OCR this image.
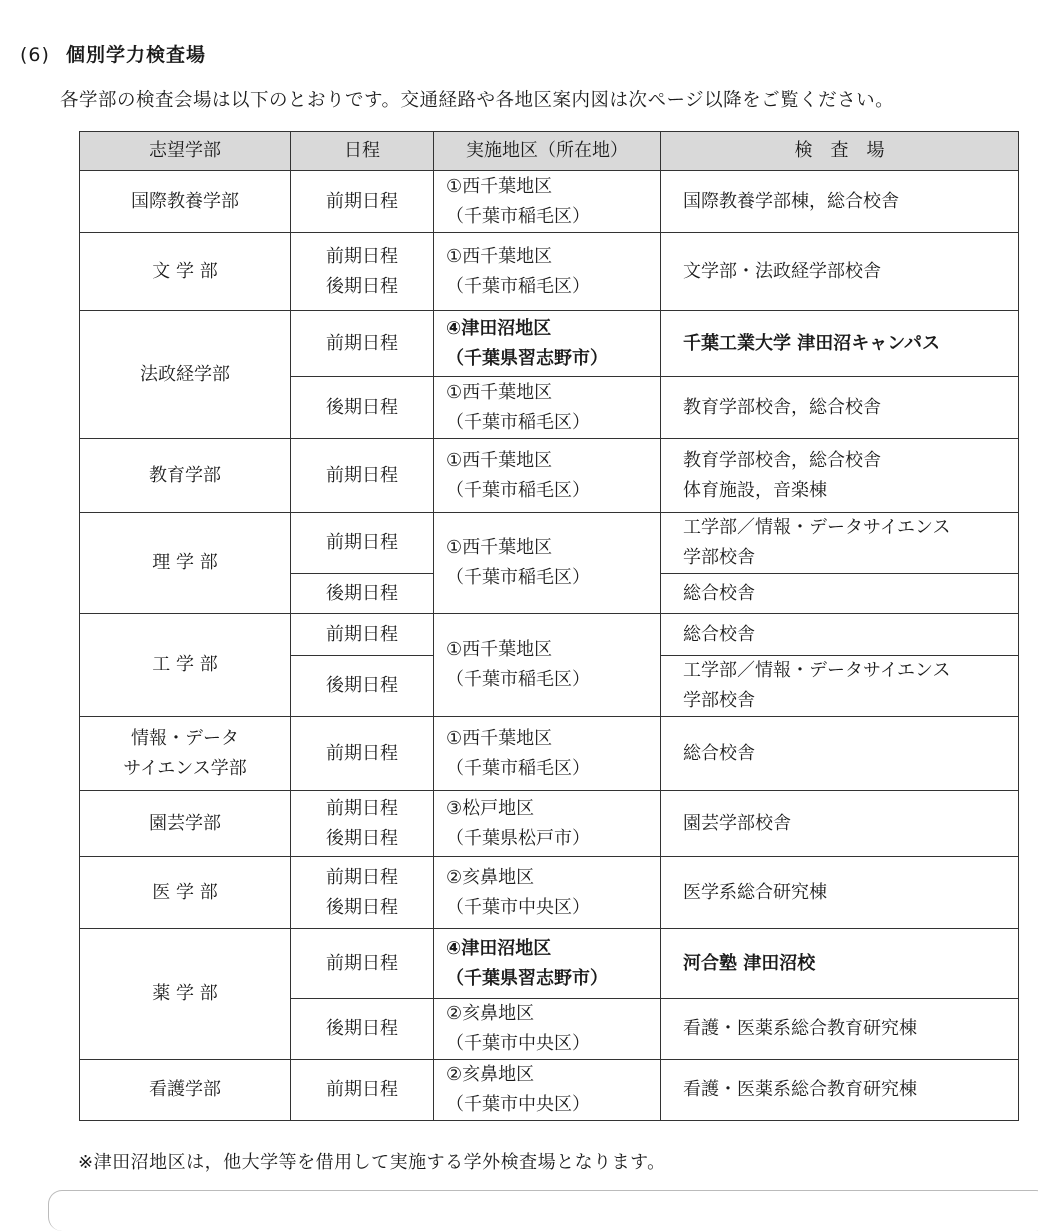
(6) 個別学力検査場
各学部の検査会場は以下のとおりです。交通経路や各地区案内図は次ページ以降をご覧ください。
志望学部	日程	実施地区（所在地）	検　査　場

国際教養学部	前期日程	①西千葉地区
（千葉市稲毛区）	国際教養学部棟，総合校舎

文 学 部	前期日程
後期日程	①西千葉地区
（千葉市稲毛区）	文学部・法政経学部校舎

法政経学部	前期日程	④津田沼地区
（千葉県習志野市）	千葉工業大学 津田沼キャンパス

	後期日程	①西千葉地区
（千葉市稲毛区）	教育学部校舎，総合校舎

教育学部	前期日程	①西千葉地区
（千葉市稲毛区）	教育学部校舎，総合校舎
体育施設，音楽棟

理 学 部	前期日程	①西千葉地区
（千葉市稲毛区）	工学部／情報・データサイエンス
学部校舎

	後期日程		総合校舎

工 学 部	前期日程	①西千葉地区
（千葉市稲毛区）	総合校舎

	後期日程		工学部／情報・データサイエンス
学部校舎

情報・データ
サイエンス学部	前期日程	①西千葉地区
（千葉市稲毛区）	総合校舎

園芸学部	前期日程
後期日程	③松戸地区
（千葉県松戸市）	園芸学部校舎

医 学 部	前期日程
後期日程	②亥鼻地区
（千葉市中央区）	医学系総合研究棟

薬 学 部	前期日程	④津田沼地区
（千葉県習志野市）	河合塾 津田沼校

	後期日程	②亥鼻地区
（千葉市中央区）	看護・医薬系総合教育研究棟

看護学部	前期日程	②亥鼻地区
（千葉市中央区）	看護・医薬系総合教育研究棟
※津田沼地区は，他大学等を借用して実施する学外検査場となります。
